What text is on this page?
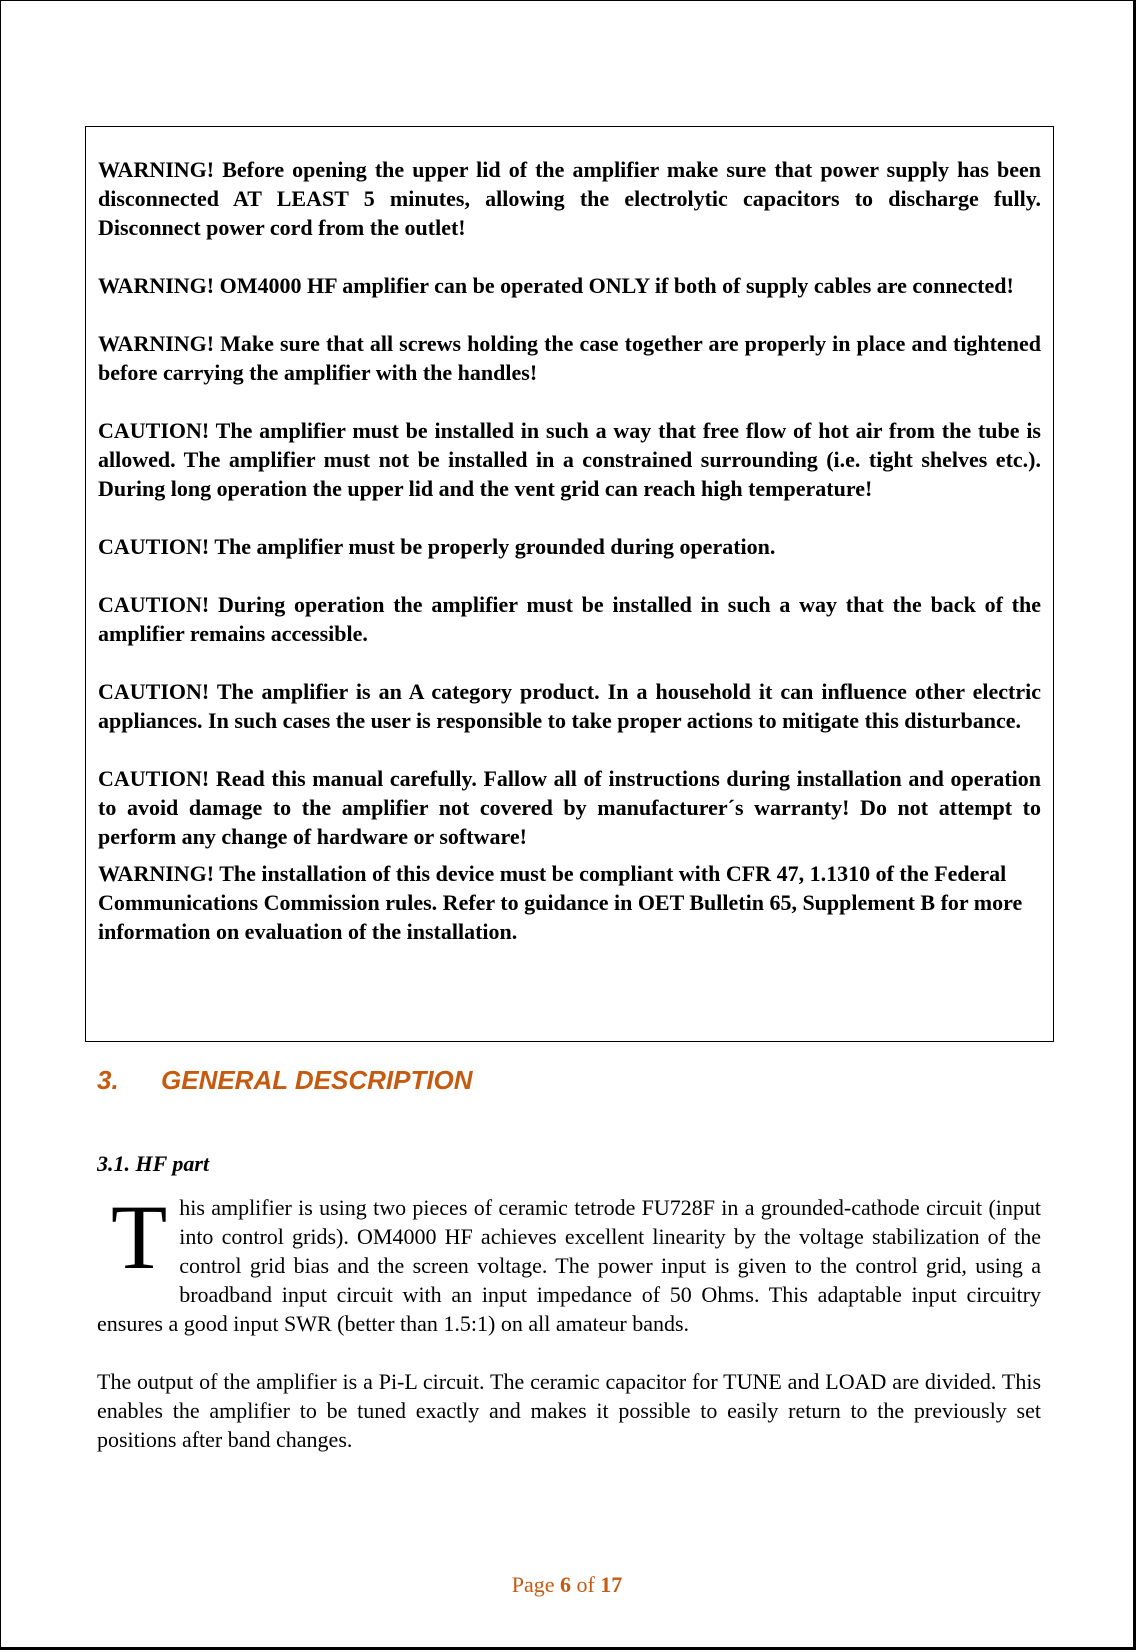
WARNING! Before opening the upper lid of the amplifier make sure that power supply has been disconnected AT LEAST 5 minutes, allowing the electrolytic capacitors to discharge fully. Disconnect power cord from the outlet!

WARNING! OM4000 HF amplifier can be operated ONLY if both of supply cables are connected!

WARNING! Make sure that all screws holding the case together are properly in place and tightened before carrying the amplifier with the handles!

CAUTION! The amplifier must be installed in such a way that free flow of hot air from the tube is allowed. The amplifier must not be installed in a constrained surrounding (i.e. tight shelves etc.). During long operation the upper lid and the vent grid can reach high temperature!

CAUTION! The amplifier must be properly grounded during operation.

CAUTION! During operation the amplifier must be installed in such a way that the back of the amplifier remains accessible.

CAUTION! The amplifier is an A category product. In a household it can influence other electric appliances. In such cases the user is responsible to take proper actions to mitigate this disturbance.

CAUTION! Read this manual carefully. Fallow all of instructions during installation and operation to avoid damage to the amplifier not covered by manufacturer´s warranty! Do not attempt to perform any change of hardware or software!

WARNING! The installation of this device must be compliant with CFR 47, 1.1310 of the Federal Communications Commission rules. Refer to guidance in OET Bulletin 65, Supplement B for more information on evaluation of the installation.

3. GENERAL DESCRIPTION
3.1. HF part

This amplifier is using two pieces of ceramic tetrode FU728F in a grounded-cathode circuit (input into control grids). OM4000 HF achieves excellent linearity by the voltage stabilization of the control grid bias and the screen voltage. The power input is given to the control grid, using a broadband input circuit with an input impedance of 50 Ohms. This adaptable input circuitry ensures a good input SWR (better than 1.5:1) on all amateur bands.

The output of the amplifier is a Pi-L circuit. The ceramic capacitor for TUNE and LOAD are divided. This enables the amplifier to be tuned exactly and makes it possible to easily return to the previously set positions after band changes.

Page 6 of 17
